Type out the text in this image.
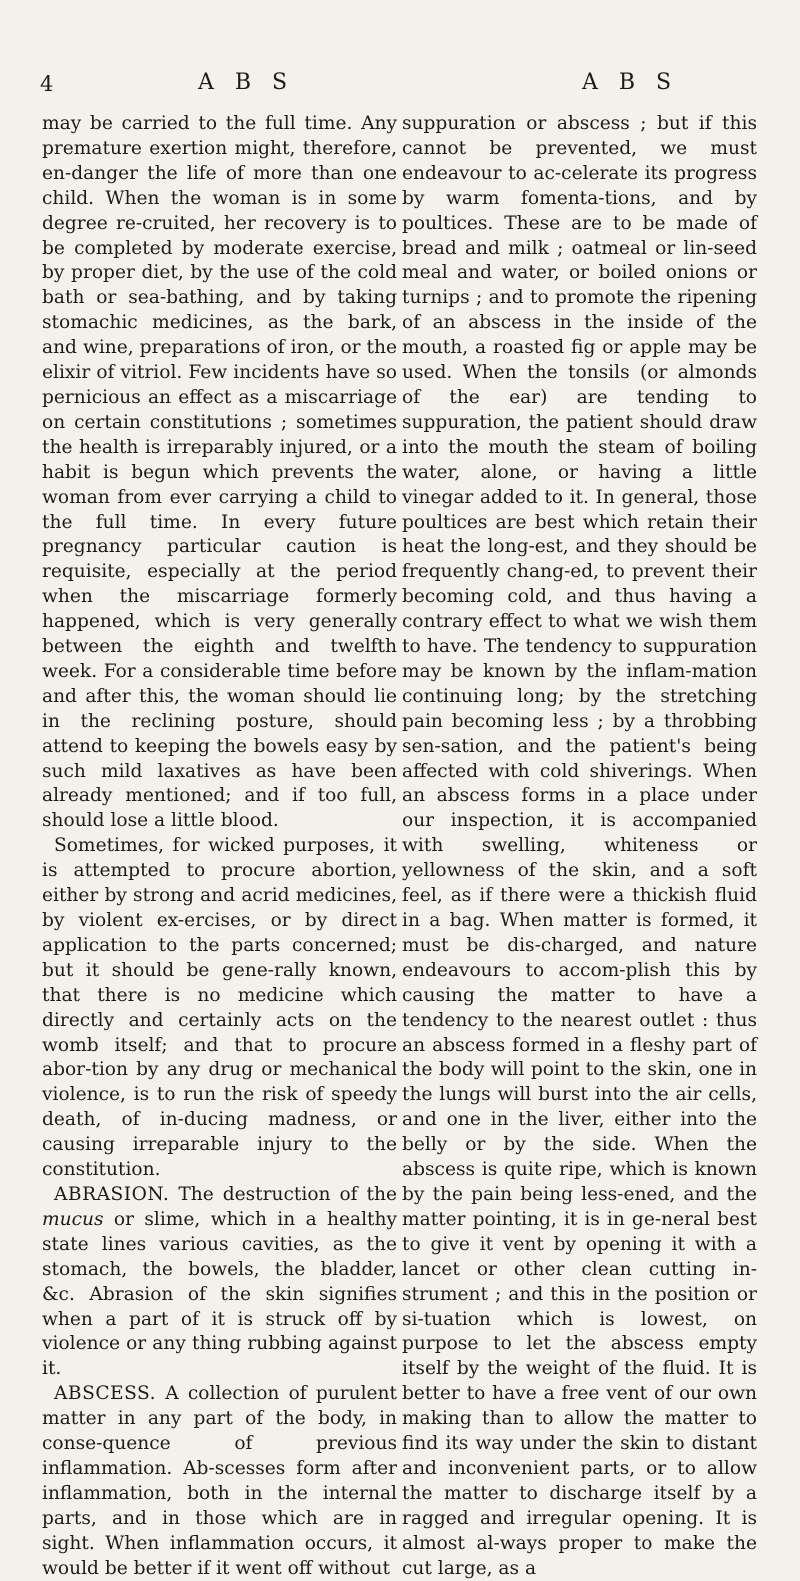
4	A B S	A B S

may be carried to the full time. Any premature exertion might, therefore, en-danger the life of more than one child. When the woman is in some degree re-cruited, her recovery is to be completed by moderate exercise, by proper diet, by the use of the cold bath or sea-bathing, and by taking stomachic medicines, as the bark, and wine, preparations of iron, or the elixir of vitriol. Few incidents have so pernicious an effect as a miscarriage on certain constitutions ; sometimes the health is irreparably injured, or a habit is begun which prevents the woman from ever carrying a child to the full time. In every future pregnancy particular caution is requisite, especially at the period when the miscarriage formerly happened, which is very generally between the eighth and twelfth week. For a considerable time before and after this, the woman should lie in the reclining posture, should attend to keeping the bowels easy by such mild laxatives as have been already mentioned; and if too full, should lose a little blood.

Sometimes, for wicked purposes, it is attempted to procure abortion, either by strong and acrid medicines, by violent ex-ercises, or by direct application to the parts concerned; but it should be gene-rally known, that there is no medicine which directly and certainly acts on the womb itself; and that to procure abor-tion by any drug or mechanical violence, is to run the risk of speedy death, of in-ducing madness, or causing irreparable injury to the constitution.

ABRASION. The destruction of the mucus or slime, which in a healthy state lines various cavities, as the stomach, the bowels, the bladder, &c. Abrasion of the skin signifies when a part of it is struck off by violence or any thing rubbing against it.

ABSCESS. A collection of purulent matter in any part of the body, in conse-quence of previous inflammation. Ab-scesses form after inflammation, both in the internal parts, and in those which are in sight. When inflammation occurs, it would be better if it went off without

suppuration or abscess ; but if this cannot be prevented, we must endeavour to ac-celerate its progress by warm fomenta-tions, and by poultices. These are to be made of bread and milk ; oatmeal or lin-seed meal and water, or boiled onions or turnips ; and to promote the ripening of an abscess in the inside of the mouth, a roasted fig or apple may be used. When the tonsils (or almonds of the ear) are tending to suppuration, the patient should draw into the mouth the steam of boiling water, alone, or having a little vinegar added to it. In general, those poultices are best which retain their heat the long-est, and they should be frequently chang-ed, to prevent their becoming cold, and thus having a contrary effect to what we wish them to have. The tendency to suppuration may be known by the inflam-mation continuing long; by the stretching pain becoming less ; by a throbbing sen-sation, and the patient's being affected with cold shiverings. When an abscess forms in a place under our inspection, it is accompanied with swelling, whiteness or yellowness of the skin, and a soft feel, as if there were a thickish fluid in a bag. When matter is formed, it must be dis-charged, and nature endeavours to accom-plish this by causing the matter to have a tendency to the nearest outlet : thus an abscess formed in a fleshy part of the body will point to the skin, one in the lungs will burst into the air cells, and one in the liver, either into the belly or by the side. When the abscess is quite ripe, which is known by the pain being less-ened, and the matter pointing, it is in ge-neral best to give it vent by opening it with a lancet or other clean cutting in-strument ; and this in the position or si-tuation which is lowest, on purpose to let the abscess empty itself by the weight of the fluid. It is better to have a free vent of our own making than to allow the matter to find its way under the skin to distant and inconvenient parts, or to allow the matter to discharge itself by a ragged and irregular opening. It is almost al-ways proper to make the cut large, as a
